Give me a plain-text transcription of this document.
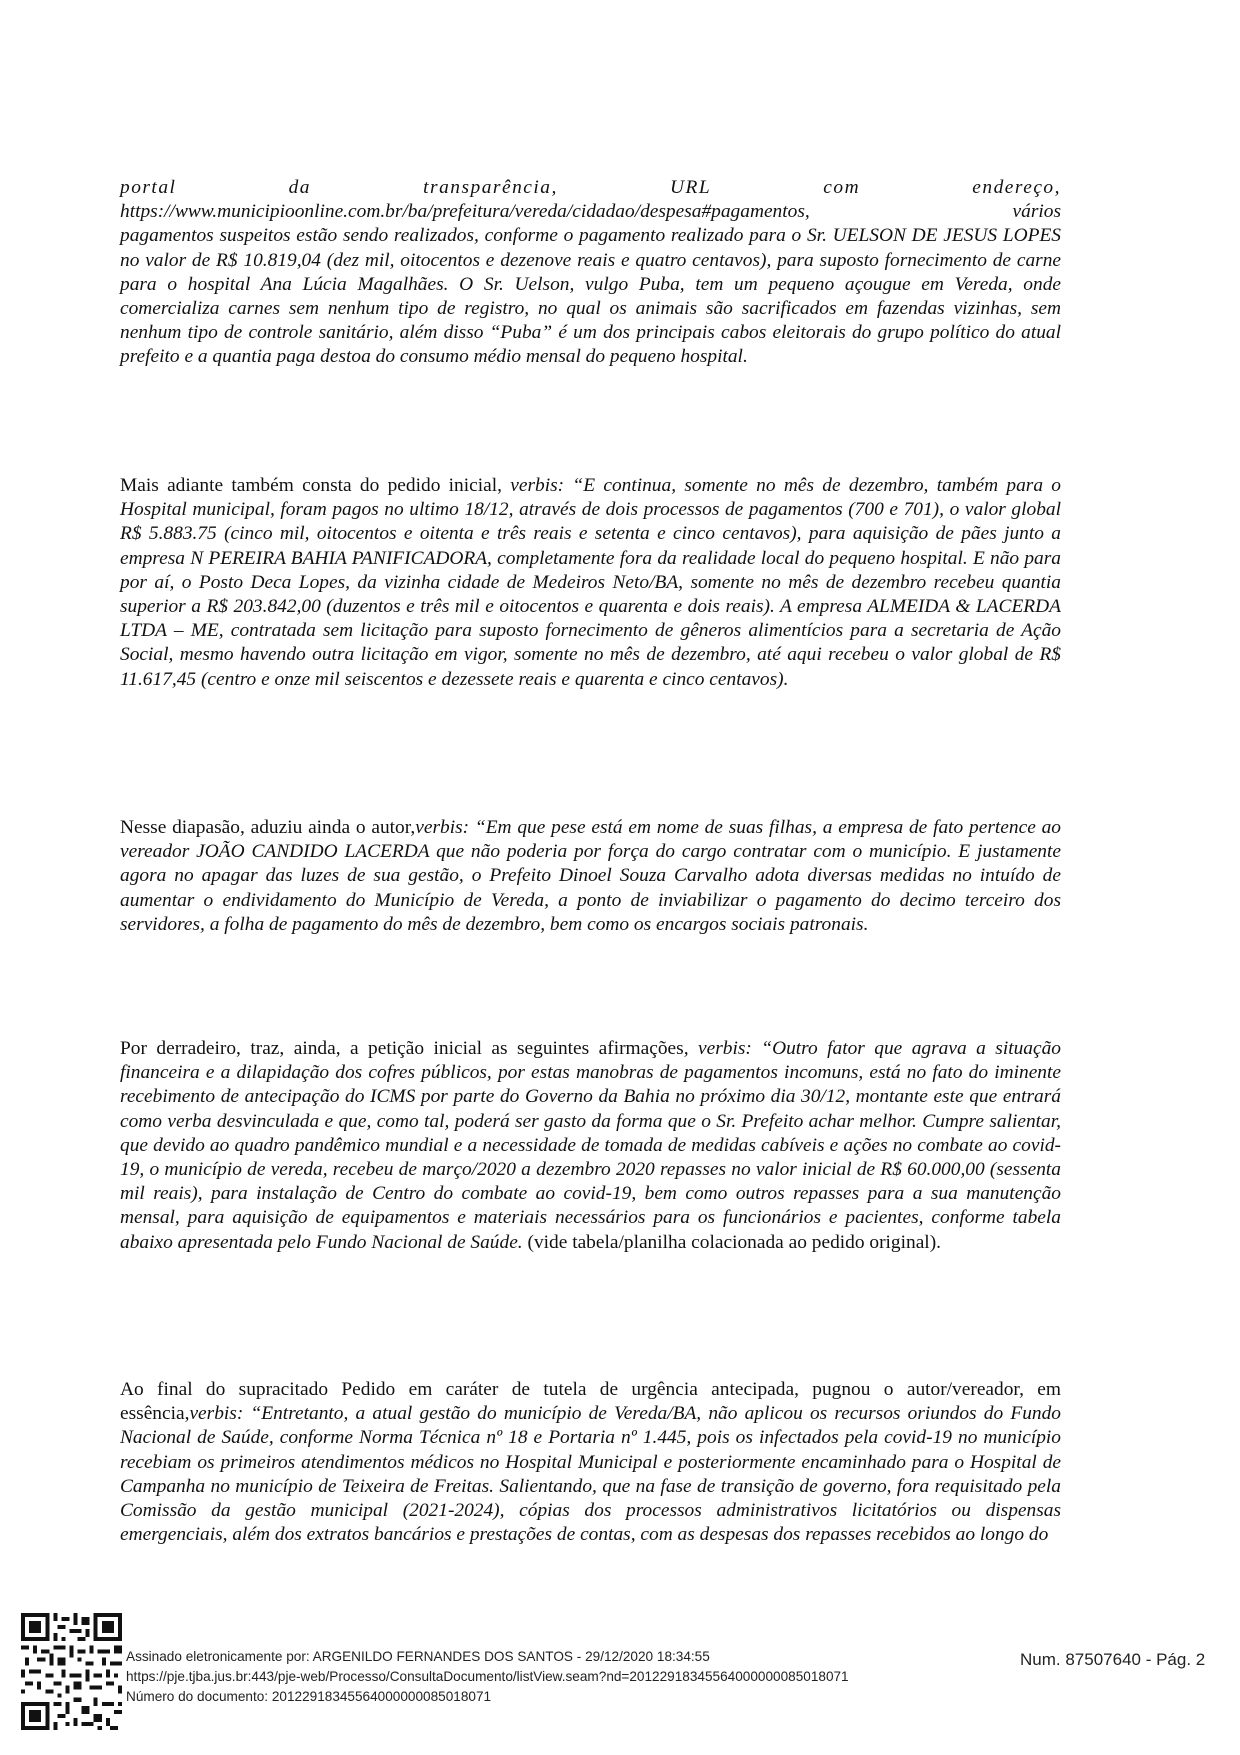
portal	da	transparência,	URL	com	endereço,
https://www.municipioonline.com.br/ba/prefeitura/vereda/cidadao/despesa#pagamentos,	vários
pagamentos suspeitos estão sendo realizados, conforme o pagamento realizado para o Sr. UELSON DE JESUS LOPES no valor de R$ 10.819,04 (dez mil, oitocentos e dezenove reais e quatro centavos), para suposto fornecimento de carne para o hospital Ana Lúcia Magalhães. O Sr. Uelson, vulgo Puba, tem um pequeno açougue em Vereda, onde comercializa carnes sem nenhum tipo de registro, no qual os animais são sacrificados em fazendas vizinhas, sem nenhum tipo de controle sanitário, além disso “Puba” é um dos principais cabos eleitorais do grupo político do atual prefeito e a quantia paga destoa do consumo médio mensal do pequeno hospital.

Mais adiante também consta do pedido inicial, verbis: “E continua, somente no mês de dezembro, também para o Hospital municipal, foram pagos no ultimo 18/12, através de dois processos de pagamentos (700 e 701), o valor global R$ 5.883.75 (cinco mil, oitocentos e oitenta e três reais e setenta e cinco centavos), para aquisição de pães junto a empresa N PEREIRA BAHIA PANIFICADORA, completamente fora da realidade local do pequeno hospital. E não para por aí, o Posto Deca Lopes, da vizinha cidade de Medeiros Neto/BA, somente no mês de dezembro recebeu quantia superior a R$ 203.842,00 (duzentos e três mil e oitocentos e quarenta e dois reais). A empresa ALMEIDA & LACERDA LTDA – ME, contratada sem licitação para suposto fornecimento de gêneros alimentícios para a secretaria de Ação Social, mesmo havendo outra licitação em vigor, somente no mês de dezembro, até aqui recebeu o valor global de R$ 11.617,45 (centro e onze mil seiscentos e dezessete reais e quarenta e cinco centavos).

Nesse diapasão, aduziu ainda o autor,verbis: “Em que pese está em nome de suas filhas, a empresa de fato pertence ao vereador JOÃO CANDIDO LACERDA que não poderia por força do cargo contratar com o município. E justamente agora no apagar das luzes de sua gestão, o Prefeito Dinoel Souza Carvalho adota diversas medidas no intuído de aumentar o endividamento do Município de Vereda, a ponto de inviabilizar o pagamento do decimo terceiro dos servidores, a folha de pagamento do mês de dezembro, bem como os encargos sociais patronais.

Por derradeiro, traz, ainda, a petição inicial as seguintes afirmações, verbis: “Outro fator que agrava a situação financeira e a dilapidação dos cofres públicos, por estas manobras de pagamentos incomuns, está no fato do iminente recebimento de antecipação do ICMS por parte do Governo da Bahia no próximo dia 30/12, montante este que entrará como verba desvinculada e que, como tal, poderá ser gasto da forma que o Sr. Prefeito achar melhor. Cumpre salientar, que devido ao quadro pandêmico mundial e a necessidade de tomada de medidas cabíveis e ações no combate ao covid-19, o município de vereda, recebeu de março/2020 a dezembro 2020 repasses no valor inicial de R$ 60.000,00 (sessenta mil reais), para instalação de Centro do combate ao covid-19, bem como outros repasses para a sua manutenção mensal, para aquisição de equipamentos e materiais necessários para os funcionários e pacientes, conforme tabela abaixo apresentada pelo Fundo Nacional de Saúde. (vide tabela/planilha colacionada ao pedido original).

Ao final do supracitado Pedido em caráter de tutela de urgência antecipada, pugnou o autor/vereador, em essência,verbis: “Entretanto, a atual gestão do município de Vereda/BA, não aplicou os recursos oriundos do Fundo Nacional de Saúde, conforme Norma Técnica nº 18 e Portaria nº 1.445, pois os infectados pela covid-19 no município recebiam os primeiros atendimentos médicos no Hospital Municipal e posteriormente encaminhado para o Hospital de Campanha no município de Teixeira de Freitas. Salientando, que na fase de transição de governo, fora requisitado pela Comissão da gestão municipal (2021-2024), cópias dos processos administrativos licitatórios ou dispensas emergenciais, além dos extratos bancários e prestações de contas, com as despesas dos repasses recebidos ao longo do

Assinado eletronicamente por: ARGENILDO FERNANDES DOS SANTOS - 29/12/2020 18:34:55
https://pje.tjba.jus.br:443/pje-web/Processo/ConsultaDocumento/listView.seam?nd=20122918345564000000085018071
Número do documento: 20122918345564000000085018071
Num. 87507640 - Pág. 2
